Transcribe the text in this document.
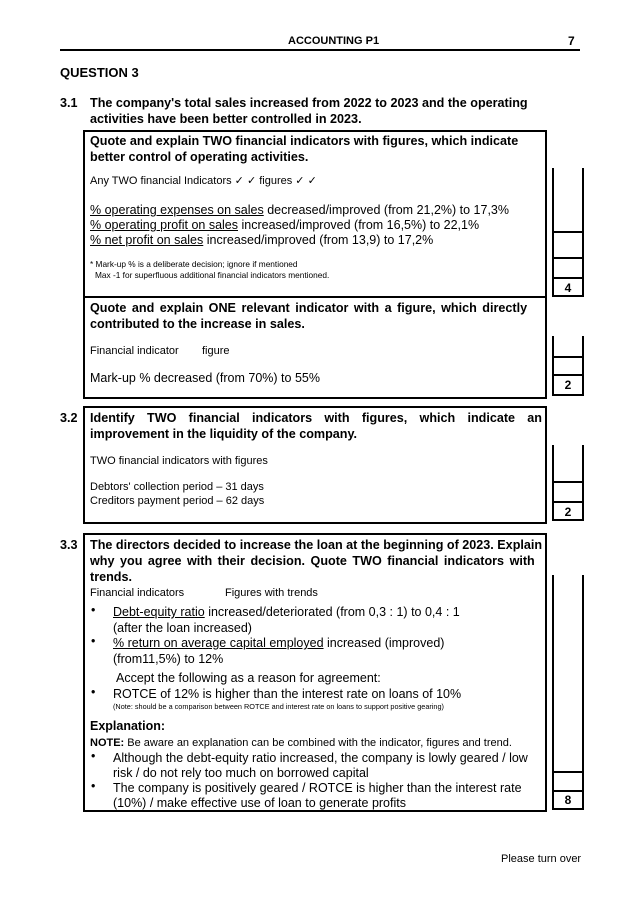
ACCOUNTING P1	7
QUESTION 3
3.1 The company's total sales increased from 2022 to 2023 and the operating
activities have been better controlled in 2023.
Quote and explain TWO financial indicators with figures, which indicate
better control of operating activities.
Any TWO financial Indicators ✓ ✓ figures ✓ ✓
% operating expenses on sales decreased/improved (from 21,2%) to 17,3%
% operating profit on sales increased/improved (from 16,5%) to 22,1%
% net profit on sales increased/improved (from 13,9) to 17,2%
* Mark-up % is a deliberate decision; ignore if mentioned
Max -1 for superfluous additional financial indicators mentioned.
4
Quote and explain ONE relevant indicator with a figure, which directly
contributed to the increase in sales.
Financial indicator figure
Mark-up % decreased (from 70%) to 55%	2
3.2 Identify TWO financial indicators with figures, which indicate an
improvement in the liquidity of the company.
TWO financial indicators with figures
Debtors' collection period – 31 days
Creditors payment period – 62 days
2
3.3 The directors decided to increase the loan at the beginning of 2023. Explain
why you agree with their decision. Quote TWO financial indicators with
trends.
Financial indicators	Figures with trends
• Debt-equity ratio increased/deteriorated (from 0,3 : 1) to 0,4 : 1
(after the loan increased)
• % return on average capital employed increased (improved)
(from11,5%) to 12%
Accept the following as a reason for agreement:
• ROTCE of 12% is higher than the interest rate on loans of 10%
(Note: should be a comparison between ROTCE and interest rate on loans to support positive gearing)
Explanation:
NOTE: Be aware an explanation can be combined with the indicator, figures and trend.
• Although the debt-equity ratio increased, the company is lowly geared / low
risk / do not rely too much on borrowed capital
• The company is positively geared / ROTCE is higher than the interest rate
(10%) / make effective use of loan to generate profits	8
Please turn over
